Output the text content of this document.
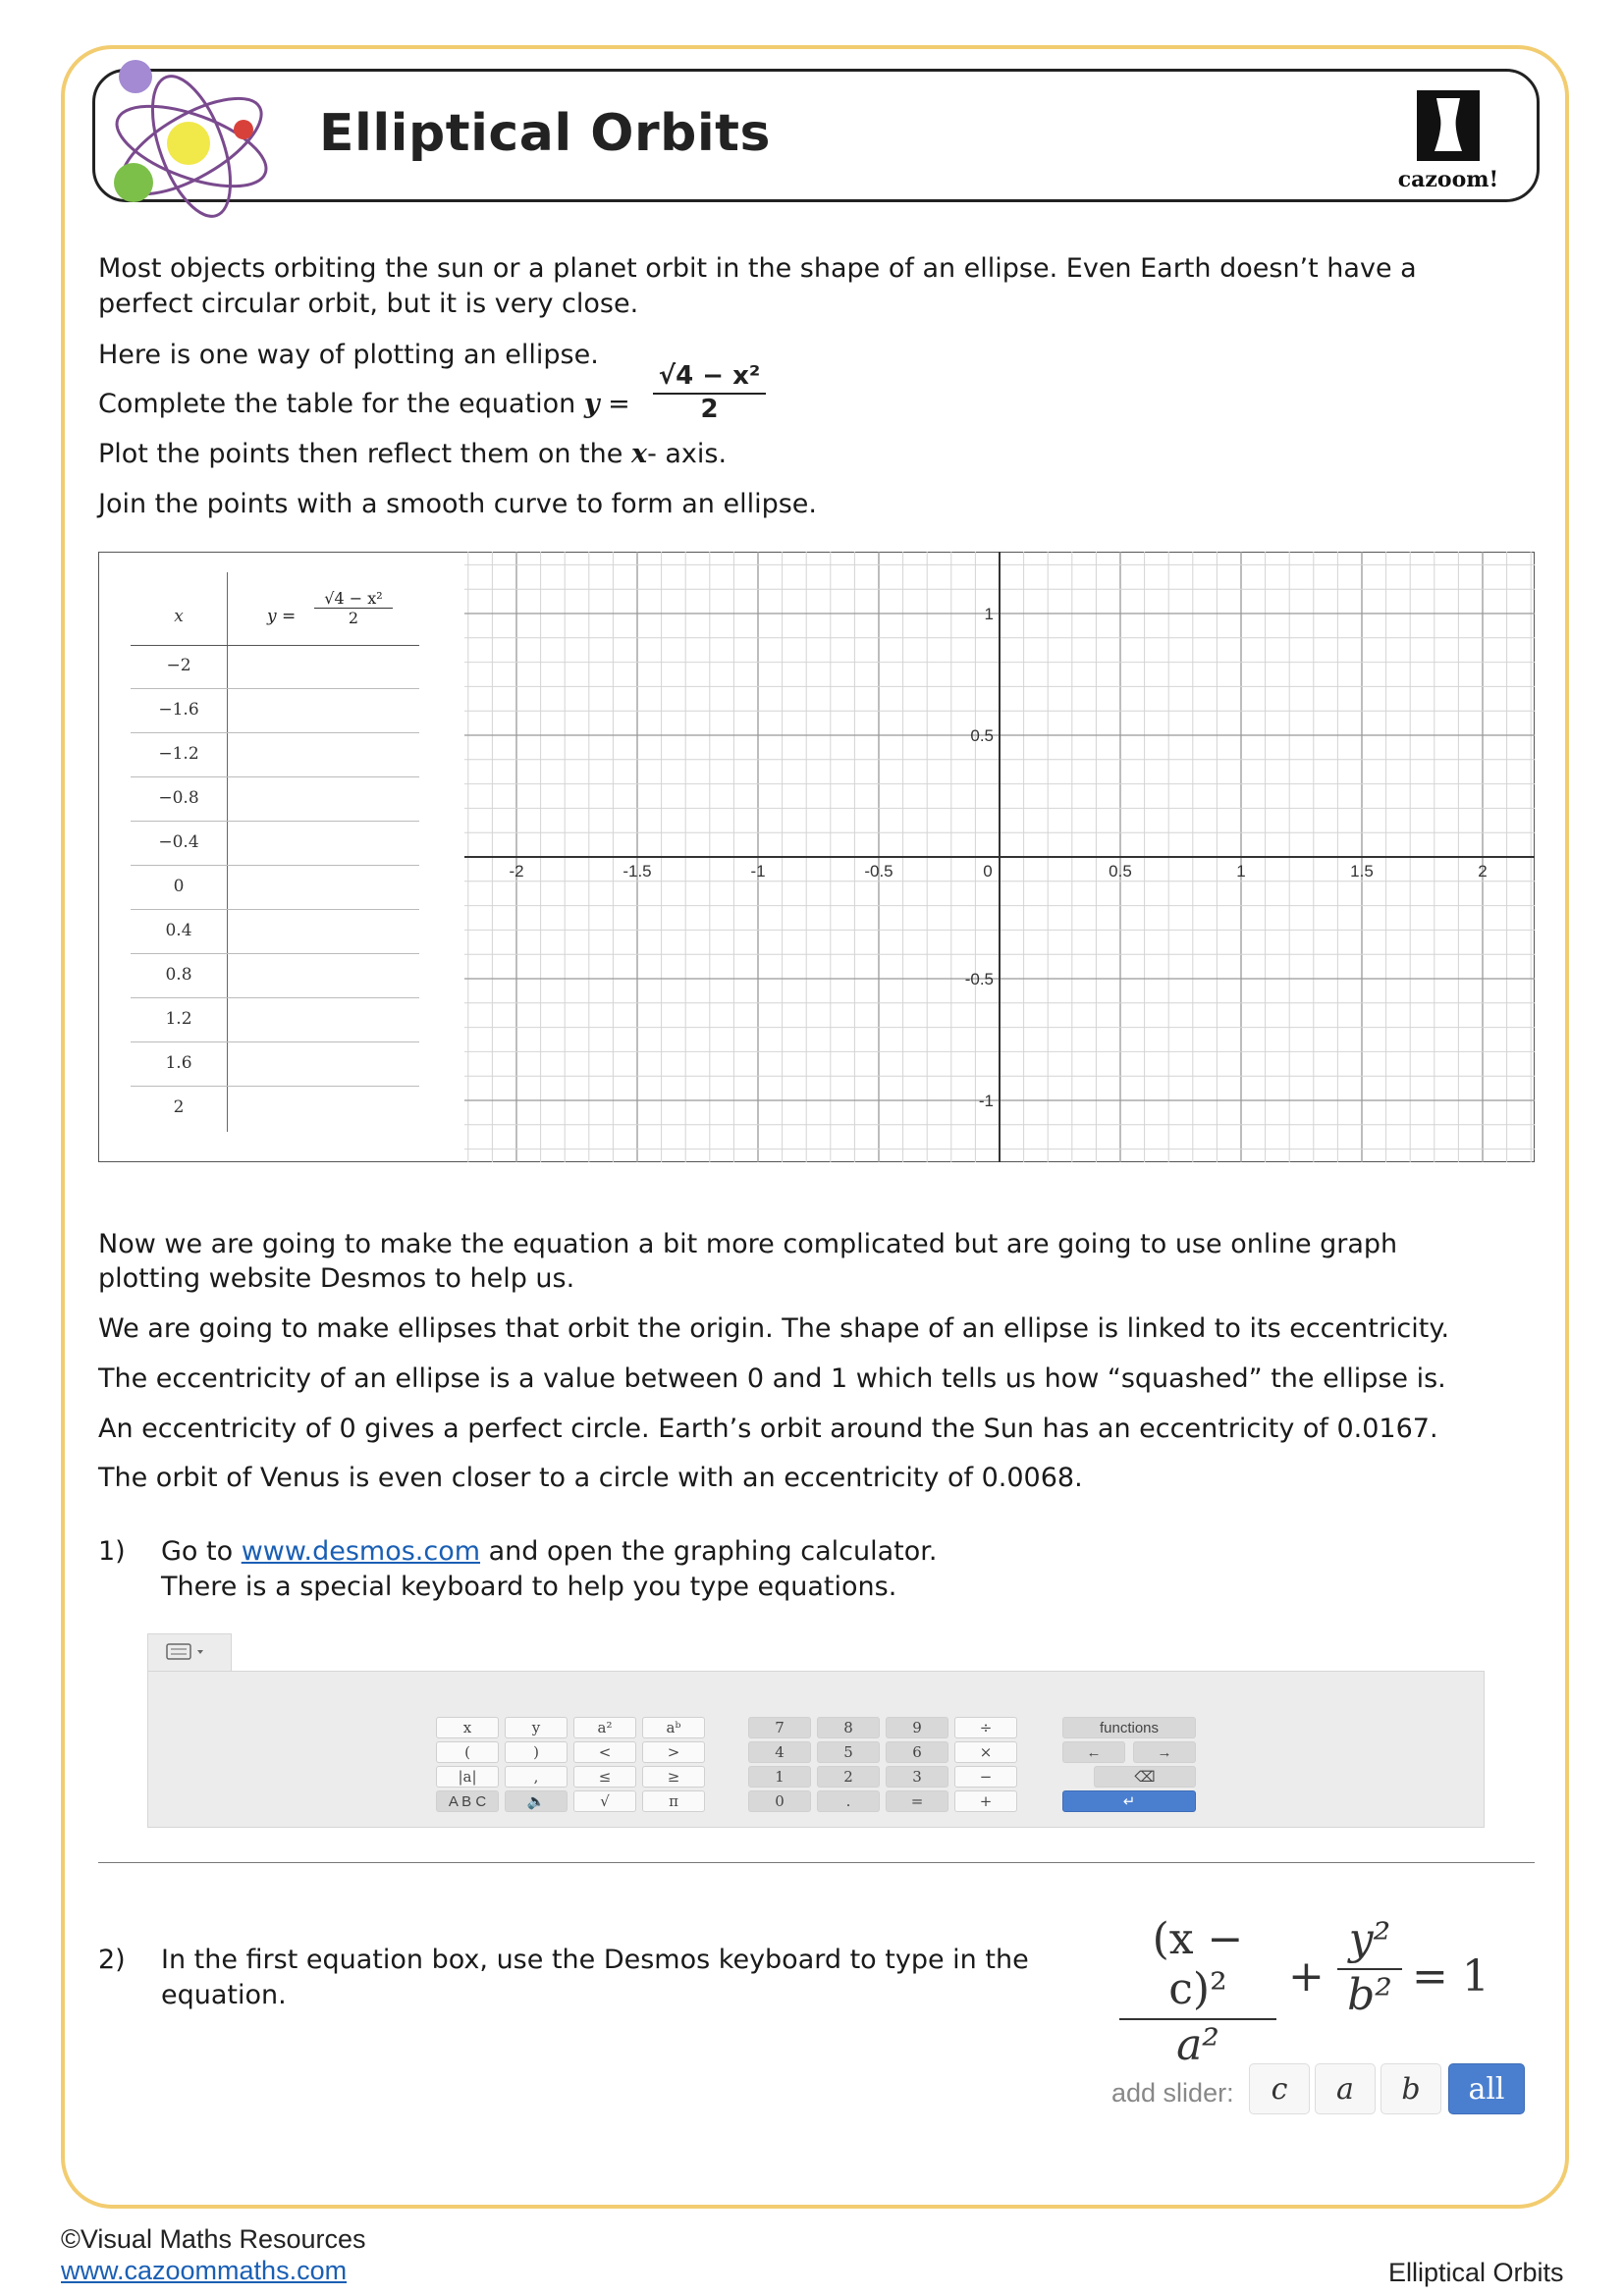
Elliptical Orbits
cazoom!
Most objects orbiting the sun or a planet orbit in the shape of an ellipse. Even Earth doesn’t have a
perfect circular orbit, but it is very close.
Here is one way of plotting an ellipse.
Complete the table for the equation $y = \frac{\text{√4 − x²}}{2}$
Plot the points then reflect them on the x- axis.
Join the points with a smooth curve to form an ellipse.
x	$y = \frac{\text{√4 − x²}}{2}$
−2
−1.6
−1.2
−0.8
−0.4
0
0.4
0.8
1.2
1.6
2
-2	-1.5	-1	-0.5	0	0.5	1	1.5	2
1
0.5
-0.5
-1
Now we are going to make the equation a bit more complicated but are going to use online graph
plotting website Desmos to help us.
We are going to make ellipses that orbit the origin. The shape of an ellipse is linked to its eccentricity.
The eccentricity of an ellipse is a value between 0 and 1 which tells us how “squashed” the ellipse is.
An eccentricity of 0 gives a perfect circle. Earth’s orbit around the Sun has an eccentricity of 0.0167.
The orbit of Venus is even closer to a circle with an eccentricity of 0.0068.
1) Go to www.desmos.com and open the graphing calculator.
There is a special keyboard to help you type equations.
x	y	a²	aᵇ	7	8	9	÷
(	)	<	>	4	5	6	×
|a|	,	≤	≥	1	2	3	−
A B C	🔈	√	π	0	.	=	+
functions
←	→
⌫
↵
2) In the first equation box, use the Desmos keyboard to type in the
equation.	$\frac{\text{(x − c)²}}{\text{a²}} + \frac{\text{y²}}{\text{b²}} = 1$
add slider:	c	a	b	all
©Visual Maths Resources
www.cazoommaths.com	Elliptical Orbits
